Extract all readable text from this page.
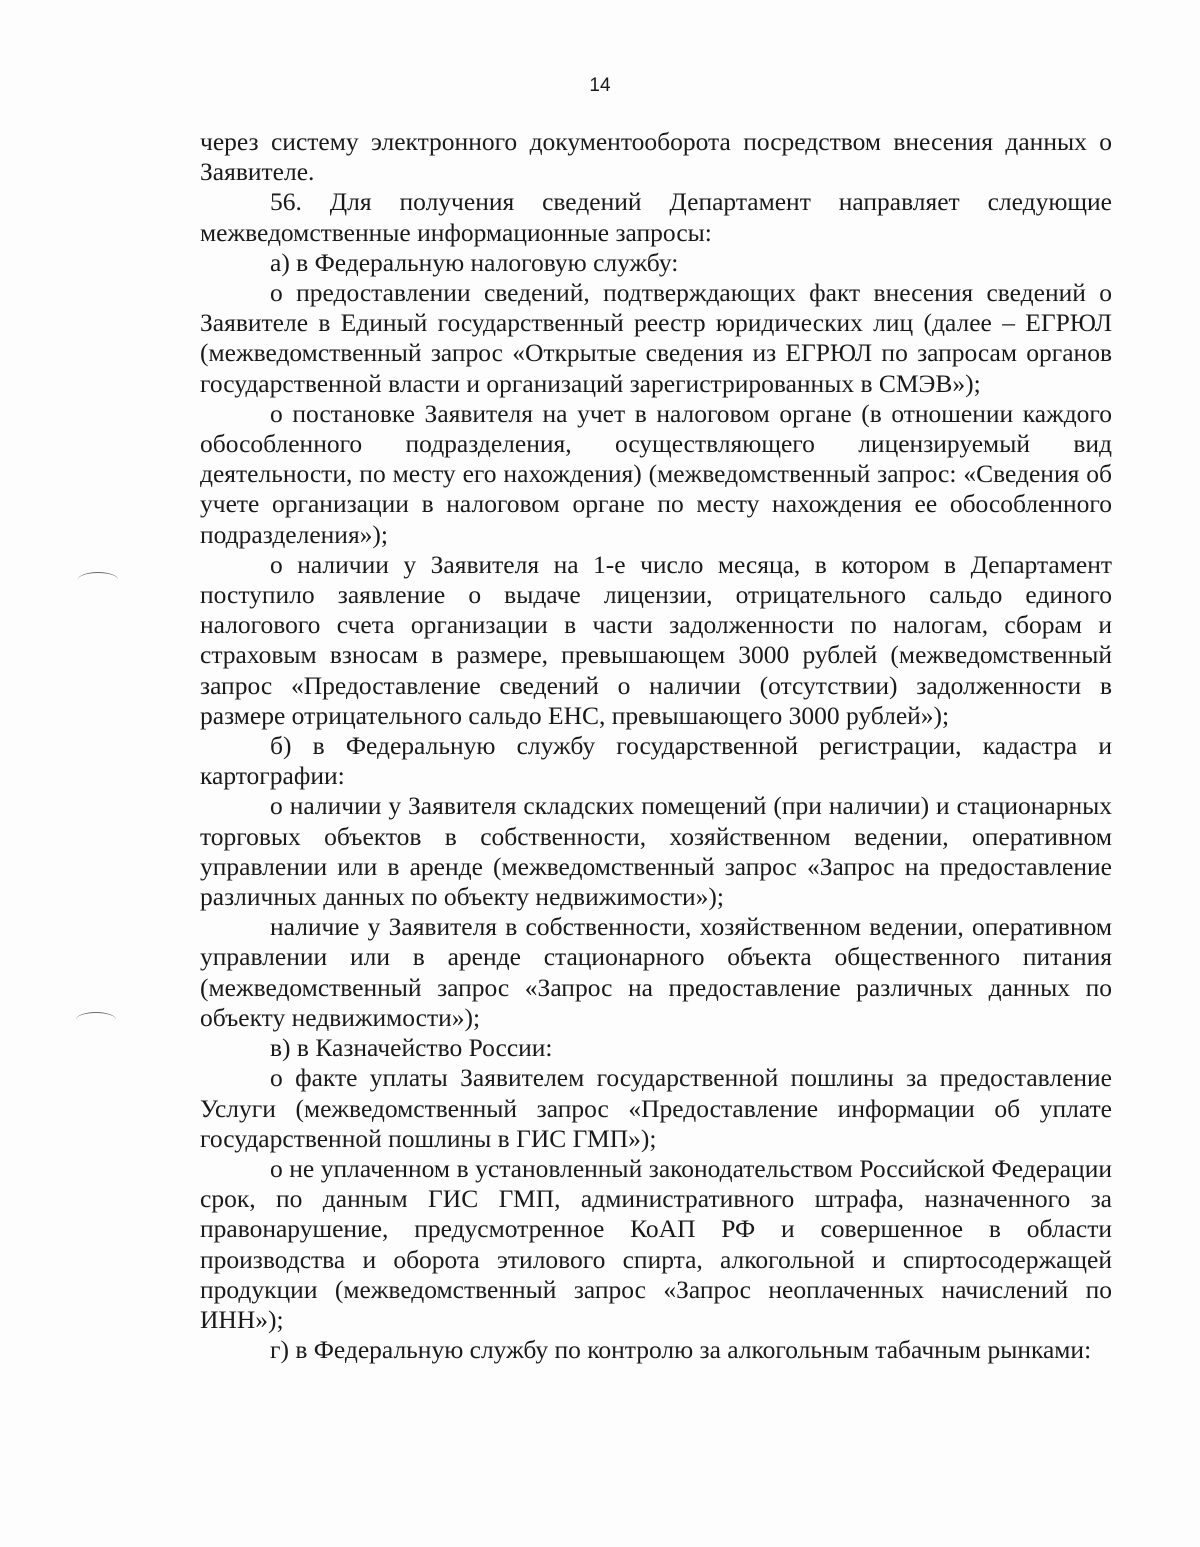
14

через систему электронного документооборота посредством внесения данных о Заявителе.

56. Для получения сведений Департамент направляет следующие межведомственные информационные запросы:

а) в Федеральную налоговую службу:

о предоставлении сведений, подтверждающих факт внесения сведений о Заявителе в Единый государственный реестр юридических лиц (далее – ЕГРЮЛ (межведомственный запрос «Открытые сведения из ЕГРЮЛ по запросам органов государственной власти и организаций зарегистрированных в СМЭВ»);

о постановке Заявителя на учет в налоговом органе (в отношении каждого обособленного подразделения, осуществляющего лицензируемый вид деятельности, по месту его нахождения) (межведомственный запрос: «Сведения об учете организации в налоговом органе по месту нахождения ее обособленного подразделения»);

о наличии у Заявителя на 1-е число месяца, в котором в Департамент поступило заявление о выдаче лицензии, отрицательного сальдо единого налогового счета организации в части задолженности по налогам, сборам и страховым взносам в размере, превышающем 3000 рублей (межведомственный запрос «Предоставление сведений о наличии (отсутствии) задолженности в размере отрицательного сальдо ЕНС, превышающего 3000 рублей»);

б) в Федеральную службу государственной регистрации, кадастра и картографии:

о наличии у Заявителя складских помещений (при наличии) и стационарных торговых объектов в собственности, хозяйственном ведении, оперативном управлении или в аренде (межведомственный запрос «Запрос на предоставление различных данных по объекту недвижимости»);

наличие у Заявителя в собственности, хозяйственном ведении, оперативном управлении или в аренде стационарного объекта общественного питания (межведомственный запрос «Запрос на предоставление различных данных по объекту недвижимости»);

в) в Казначейство России:

о факте уплаты Заявителем государственной пошлины за предоставление Услуги (межведомственный запрос «Предоставление информации об уплате государственной пошлины в ГИС ГМП»);

о не уплаченном в установленный законодательством Российской Федерации срок, по данным ГИС ГМП, административного штрафа, назначенного за правонарушение, предусмотренное КоАП РФ и совершенное в области производства и оборота этилового спирта, алкогольной и спиртосодержащей продукции (межведомственный запрос «Запрос неоплаченных начислений по ИНН»);

г) в Федеральную службу по контролю за алкогольным табачным рынками:
